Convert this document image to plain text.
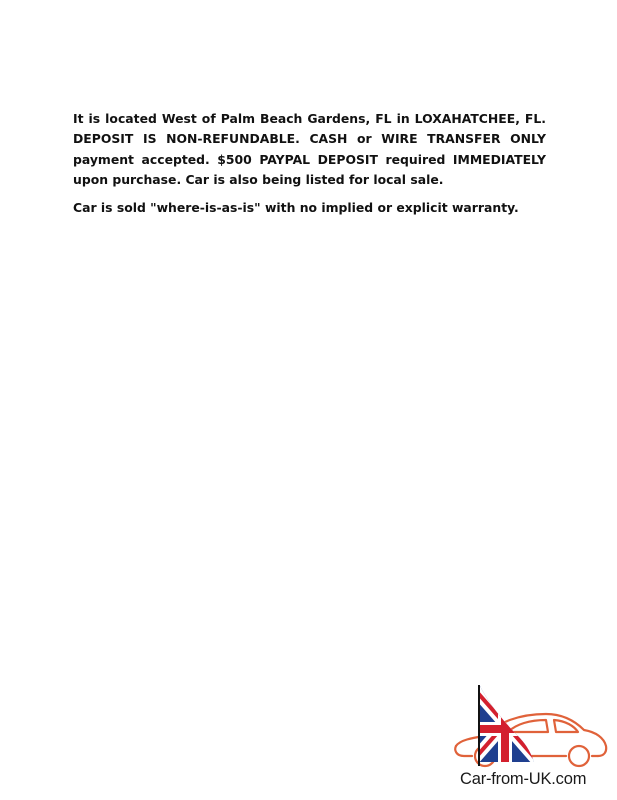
It is located West of Palm Beach Gardens, FL in LOXAHATCHEE, FL. DEPOSIT IS NON-REFUNDABLE. CASH or WIRE TRANSFER ONLY payment accepted. $500 PAYPAL DEPOSIT required IMMEDIATELY upon purchase. Car is also being listed for local sale.

Car is sold "where-is-as-is" with no implied or explicit warranty.

Car-from-UK.com
